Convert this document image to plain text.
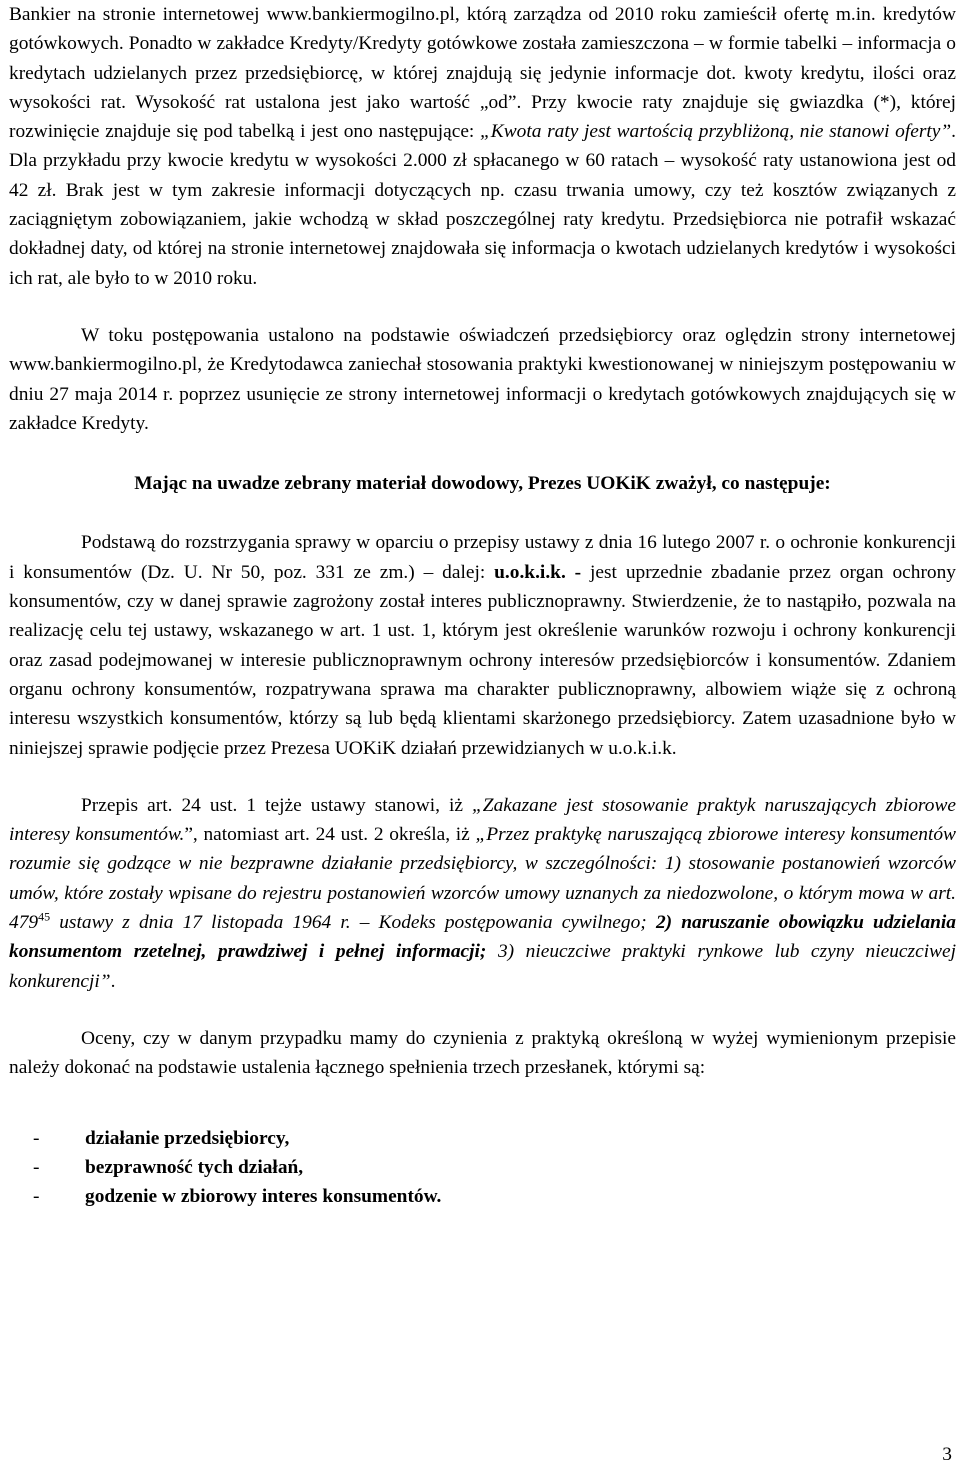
Bankier na stronie internetowej www.bankiermogilno.pl, którą zarządza od 2010 roku zamieścił ofertę m.in. kredytów gotówkowych. Ponadto w zakładce Kredyty/Kredyty gotówkowe została zamieszczona – w formie tabelki – informacja o kredytach udzielanych przez przedsiębiorcę, w której znajdują się jedynie informacje dot. kwoty kredytu, ilości oraz wysokości rat. Wysokość rat ustalona jest jako wartość „od”. Przy kwocie raty znajduje się gwiazdka (*), której rozwinięcie znajduje się pod tabelką i jest ono następujące: „Kwota raty jest wartością przybliżoną, nie stanowi oferty”. Dla przykładu przy kwocie kredytu w wysokości 2.000 zł spłacanego w 60 ratach – wysokość raty ustanowiona jest od 42 zł. Brak jest w tym zakresie informacji dotyczących np. czasu trwania umowy, czy też kosztów związanych z zaciągniętym zobowiązaniem, jakie wchodzą w skład poszczególnej raty kredytu. Przedsiębiorca nie potrafił wskazać dokładnej daty, od której na stronie internetowej znajdowała się informacja o kwotach udzielanych kredytów i wysokości ich rat, ale było to w 2010 roku.

W toku postępowania ustalono na podstawie oświadczeń przedsiębiorcy oraz oględzin strony internetowej www.bankiermogilno.pl, że Kredytodawca zaniechał stosowania praktyki kwestionowanej w niniejszym postępowaniu w dniu 27 maja 2014 r. poprzez usunięcie ze strony internetowej informacji o kredytach gotówkowych znajdujących się w zakładce Kredyty.

Mając na uwadze zebrany materiał dowodowy, Prezes UOKiK zważył, co następuje:

Podstawą do rozstrzygania sprawy w oparciu o przepisy ustawy z dnia 16 lutego 2007 r. o ochronie konkurencji i konsumentów (Dz. U. Nr 50, poz. 331 ze zm.) – dalej: u.o.k.i.k. - jest uprzednie zbadanie przez organ ochrony konsumentów, czy w danej sprawie zagrożony został interes publicznoprawny. Stwierdzenie, że to nastąpiło, pozwala na realizację celu tej ustawy, wskazanego w art. 1 ust. 1, którym jest określenie warunków rozwoju i ochrony konkurencji oraz zasad podejmowanej w interesie publicznoprawnym ochrony interesów przedsiębiorców i konsumentów. Zdaniem organu ochrony konsumentów, rozpatrywana sprawa ma charakter publicznoprawny, albowiem wiąże się z ochroną interesu wszystkich konsumentów, którzy są lub będą klientami skarżonego przedsiębiorcy. Zatem uzasadnione było w niniejszej sprawie podjęcie przez Prezesa UOKiK działań przewidzianych w u.o.k.i.k.

Przepis art. 24 ust. 1 tejże ustawy stanowi, iż „Zakazane jest stosowanie praktyk naruszających zbiorowe interesy konsumentów.”, natomiast art. 24 ust. 2 określa, iż „Przez praktykę naruszającą zbiorowe interesy konsumentów rozumie się godzące w nie bezprawne działanie przedsiębiorcy, w szczególności: 1) stosowanie postanowień wzorców umów, które zostały wpisane do rejestru postanowień wzorców umowy uznanych za niedozwolone, o którym mowa w art. $479^{45}$ ustawy z dnia 17 listopada 1964 r. – Kodeks postępowania cywilnego; 2) naruszanie obowiązku udzielania konsumentom rzetelnej, prawdziwej i pełnej informacji; 3) nieuczciwe praktyki rynkowe lub czyny nieuczciwej konkurencji”.

Oceny, czy w danym przypadku mamy do czynienia z praktyką określoną w wyżej wymienionym przepisie należy dokonać na podstawie ustalenia łącznego spełnienia trzech przesłanek, którymi są:

- działanie przedsiębiorcy,
- bezprawność tych działań,
- godzenie w zbiorowy interes konsumentów.
3
